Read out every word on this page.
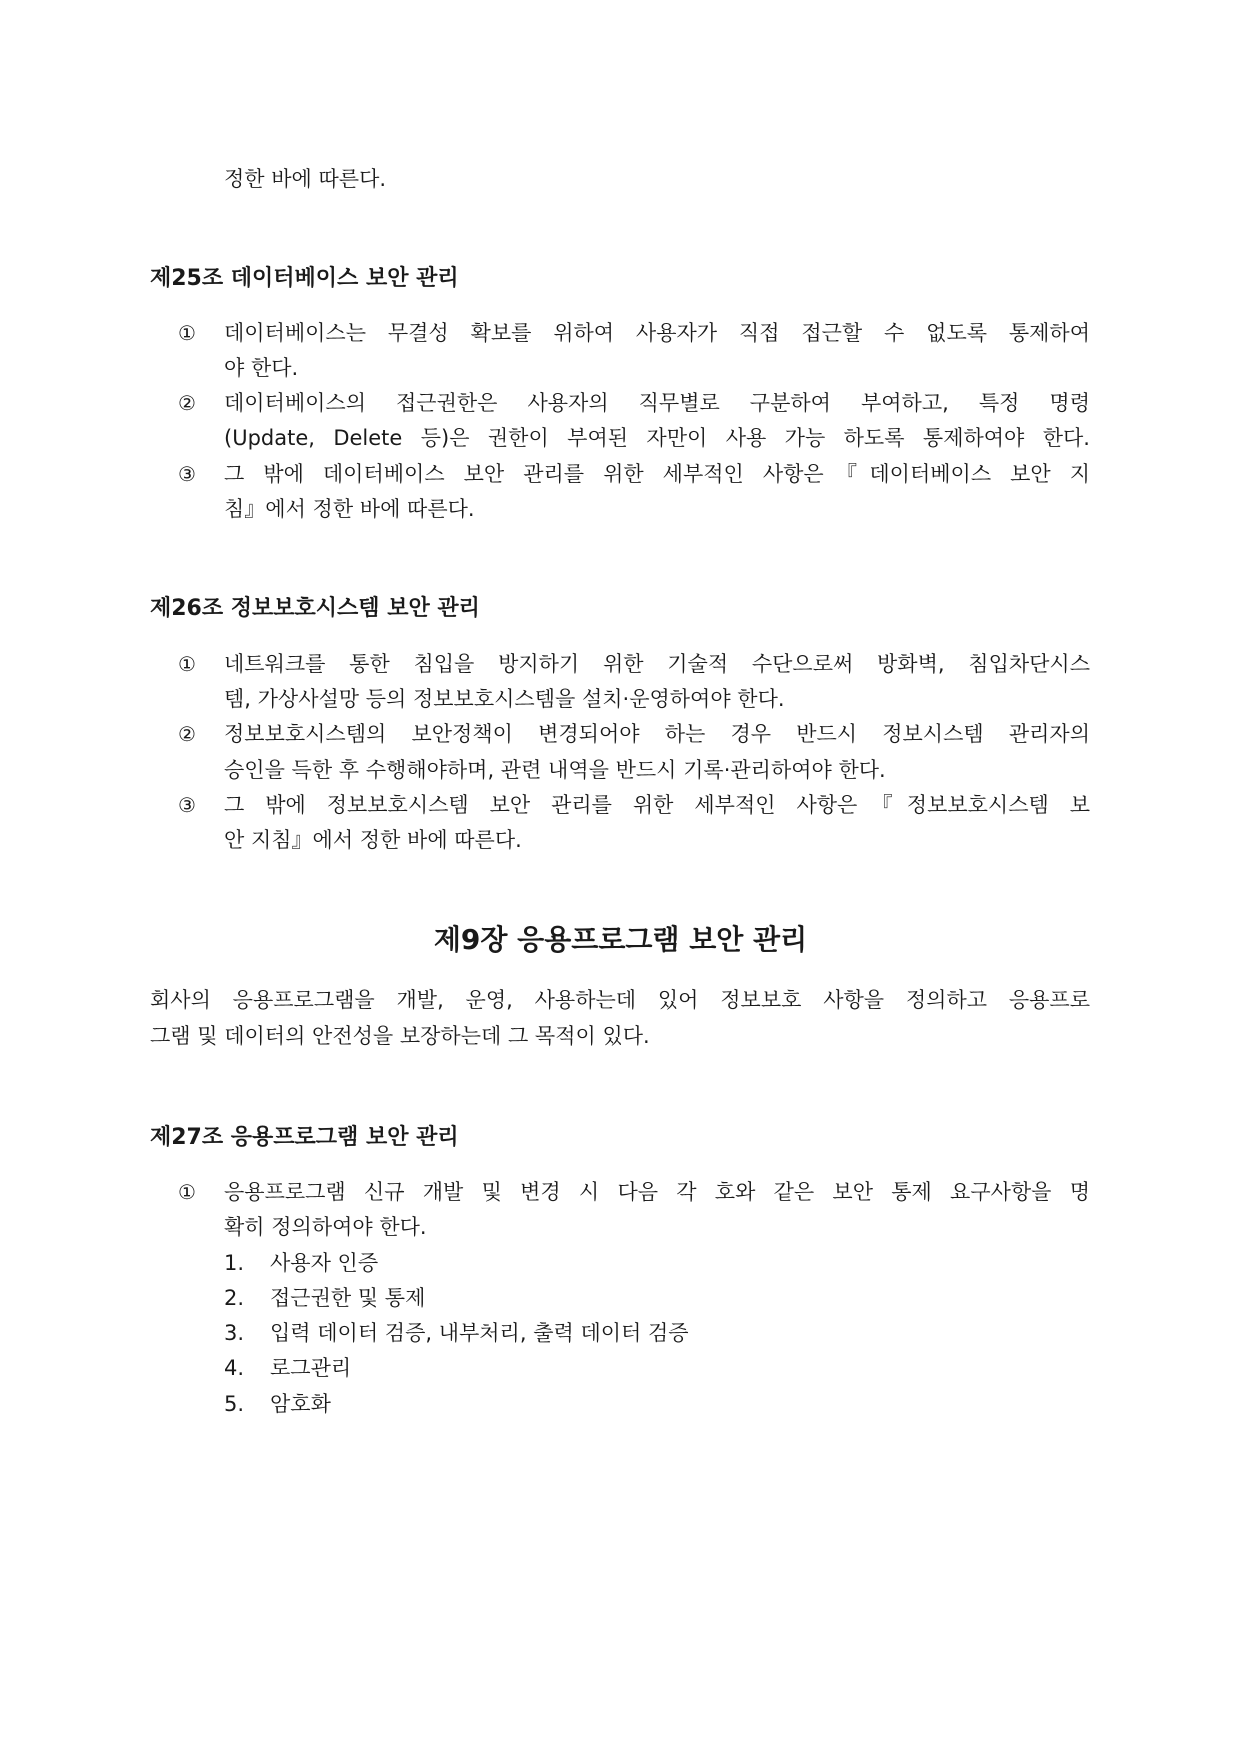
정한 바에 따른다.
제25조 데이터베이스 보안 관리
① 데이터베이스는 무결성 확보를 위하여 사용자가 직접 접근할 수 없도록 통제하여
야 한다.
② 데이터베이스의 접근권한은 사용자의 직무별로 구분하여 부여하고, 특정 명령
(Update, Delete 등)은 권한이 부여된 자만이 사용 가능 하도록 통제하여야 한다.
③ 그 밖에 데이터베이스 보안 관리를 위한 세부적인 사항은『데이터베이스 보안 지
침』에서 정한 바에 따른다.
제26조 정보보호시스템 보안 관리
① 네트워크를 통한 침입을 방지하기 위한 기술적 수단으로써 방화벽, 침입차단시스
템, 가상사설망 등의 정보보호시스템을 설치·운영하여야 한다.
② 정보보호시스템의 보안정책이 변경되어야 하는 경우 반드시 정보시스템 관리자의
승인을 득한 후 수행해야하며, 관련 내역을 반드시 기록·관리하여야 한다.
③ 그 밖에 정보보호시스템 보안 관리를 위한 세부적인 사항은『정보보호시스템 보
안 지침』에서 정한 바에 따른다.
제9장 응용프로그램 보안 관리
회사의 응용프로그램을 개발, 운영, 사용하는데 있어 정보보호 사항을 정의하고 응용프로
그램 및 데이터의 안전성을 보장하는데 그 목적이 있다.
제27조 응용프로그램 보안 관리
① 응용프로그램 신규 개발 및 변경 시 다음 각 호와 같은 보안 통제 요구사항을 명
확히 정의하여야 한다.
1. 사용자 인증
2. 접근권한 및 통제
3. 입력 데이터 검증, 내부처리, 출력 데이터 검증
4. 로그관리
5. 암호화
